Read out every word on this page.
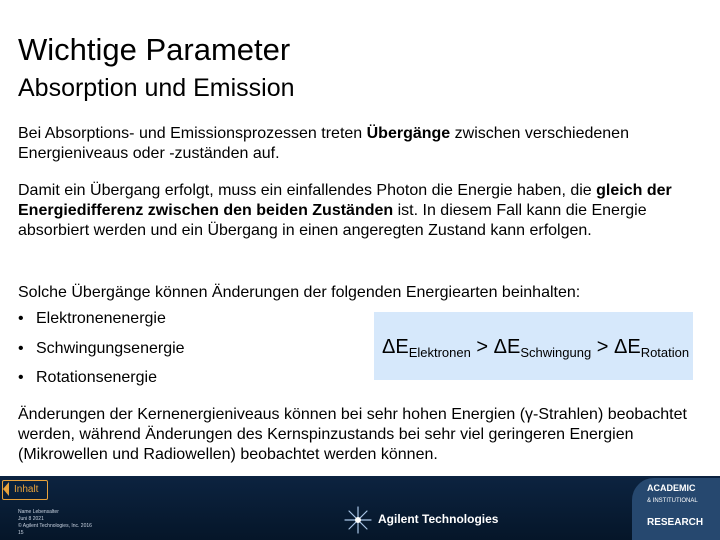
Wichtige Parameter
Absorption und Emission
Bei Absorptions- und Emissionsprozessen treten Übergänge zwischen verschiedenen Energieniveaus oder -zuständen auf.
Damit ein Übergang erfolgt, muss ein einfallendes Photon die Energie haben, die gleich der Energiedifferenz zwischen den beiden Zuständen ist. In diesem Fall kann die Energie absorbiert werden und ein Übergang in einen angeregten Zustand kann erfolgen.
Solche Übergänge können Änderungen der folgenden Energiearten beinhalten:
• Elektronenenergie
• Schwingungsenergie
• Rotationsenergie
$\Delta E_{Elektronen} > \Delta E_{Schwingung} > \Delta E_{Rotation}$
Änderungen der Kernenergieniveaus können bei sehr hohen Energien (γ-Strahlen) beobachtet werden, während Änderungen des Kernspinzustands bei sehr viel geringeren Energien (Mikrowellen und Radiowellen) beobachtet werden können.
Inhalt
Name Lebensalter
Juni 8 2021
© Agilent Technologies, Inc. 2016
15
Agilent Technologies
ACADEMIC
& INSTITUTIONAL
RESEARCH
